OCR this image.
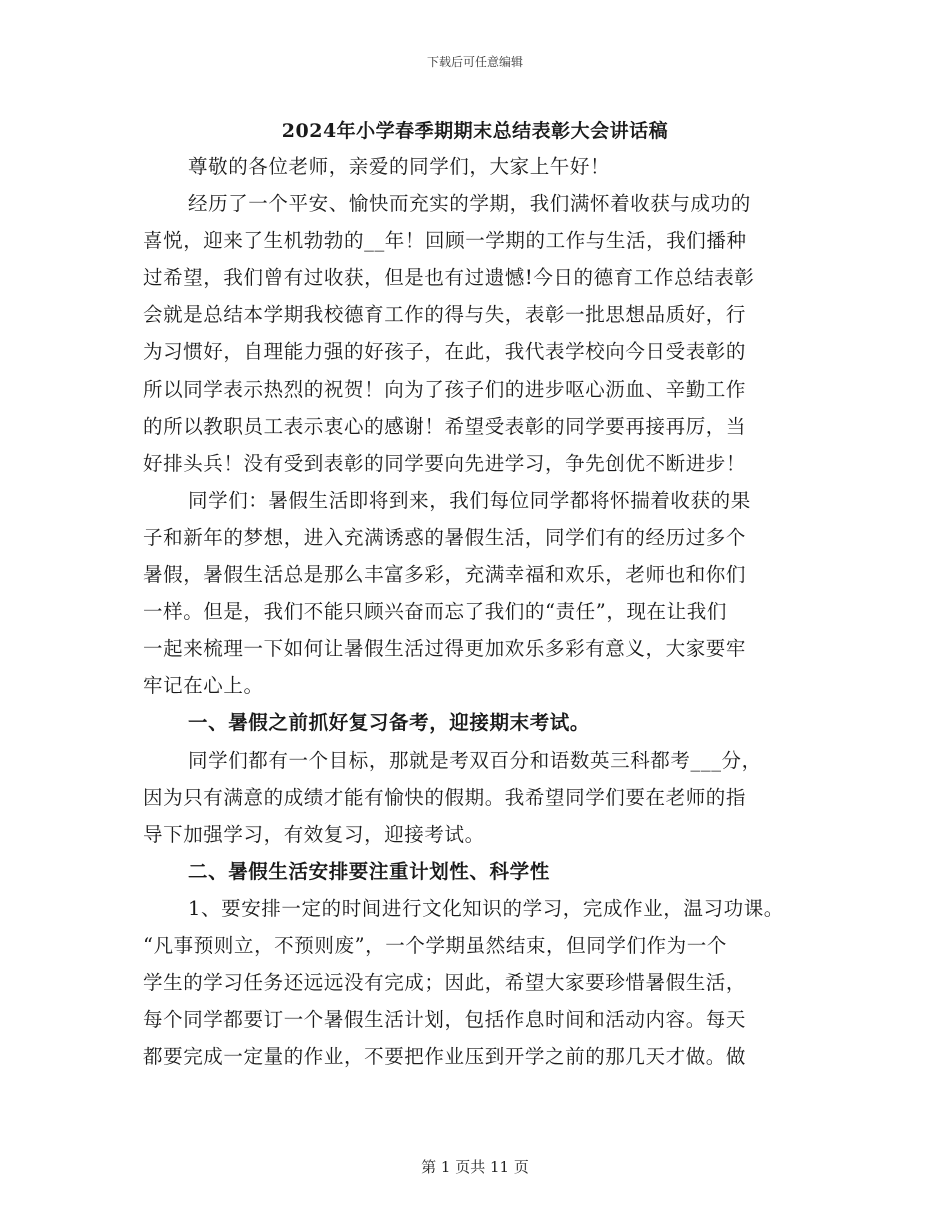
下载后可任意编辑
2024年小学春季期期末总结表彰大会讲话稿
尊敬的各位老师，亲爱的同学们，大家上午好！
经历了一个平安、愉快而充实的学期，我们满怀着收获与成功的
喜悦，迎来了生机勃勃的__年！回顾一学期的工作与生活，我们播种
过希望，我们曾有过收获，但是也有过遗憾!今日的德育工作总结表彰
会就是总结本学期我校德育工作的得与失，表彰一批思想品质好，行
为习惯好，自理能力强的好孩子，在此，我代表学校向今日受表彰的
所以同学表示热烈的祝贺！向为了孩子们的进步呕心沥血、辛勤工作
的所以教职员工表示衷心的感谢！希望受表彰的同学要再接再厉，当
好排头兵！没有受到表彰的同学要向先进学习，争先创优不断进步！
同学们：暑假生活即将到来，我们每位同学都将怀揣着收获的果
子和新年的梦想，进入充满诱惑的暑假生活，同学们有的经历过多个
暑假，暑假生活总是那么丰富多彩，充满幸福和欢乐，老师也和你们
一样。但是，我们不能只顾兴奋而忘了我们的“责任”，现在让我们
一起来梳理一下如何让暑假生活过得更加欢乐多彩有意义，大家要牢
牢记在心上。
一、暑假之前抓好复习备考，迎接期末考试。
同学们都有一个目标，那就是考双百分和语数英三科都考___分，
因为只有满意的成绩才能有愉快的假期。我希望同学们要在老师的指
导下加强学习，有效复习，迎接考试。
二、暑假生活安排要注重计划性、科学性
1、要安排一定的时间进行文化知识的学习，完成作业，温习功课。
“凡事预则立，不预则废”，一个学期虽然结束，但同学们作为一个
学生的学习任务还远远没有完成；因此，希望大家要珍惜暑假生活，
每个同学都要订一个暑假生活计划，包括作息时间和活动内容。每天
都要完成一定量的作业，不要把作业压到开学之前的那几天才做。做
第 1 页共 11 页
